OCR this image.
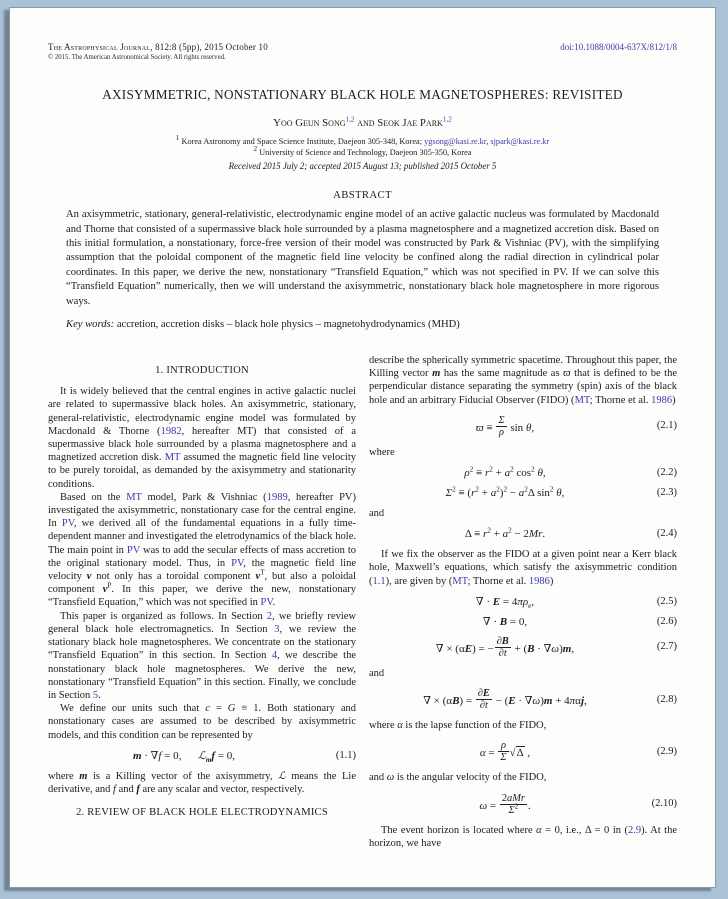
The Astrophysical Journal, 812:8 (5pp), 2015 October 10
© 2015. The American Astronomical Society. All rights reserved.
doi:10.1088/0004-637X/812/1/8
AXISYMMETRIC, NONSTATIONARY BLACK HOLE MAGNETOSPHERES: REVISITED
Yoo Geun Song$^{1,2}$ and Seok Jae Park$^{1,2}$
1 Korea Astronomy and Space Science Institute, Daejeon 305-348, Korea; ygsong@kasi.re.kr, sjpark@kasi.re.kr
2 University of Science and Technology, Daejeon 305-350, Korea
Received 2015 July 2; accepted 2015 August 13; published 2015 October 5
ABSTRACT
An axisymmetric, stationary, general-relativistic, electrodynamic engine model of an active galactic nucleus was formulated by Macdonald and Thorne that consisted of a supermassive black hole surrounded by a plasma magnetosphere and a magnetized accretion disk. Based on this initial formulation, a nonstationary, force-free version of their model was constructed by Park & Vishniac (PV), with the simplifying assumption that the poloidal component of the magnetic field line velocity be confined along the radial direction in cylindrical polar coordinates. In this paper, we derive the new, nonstationary “Transfield Equation,” which was not specified in PV. If we can solve this “Transfield Equation” numerically, then we will understand the axisymmetric, nonstationary black hole magnetosphere in more rigorous ways.
Key words: accretion, accretion disks – black hole physics – magnetohydrodynamics (MHD)
1. INTRODUCTION
It is widely believed that the central engines in active galactic nuclei are related to supermassive black holes. An axisymmetric, stationary, general-relativistic, electrodynamic engine model was formulated by Macdonald & Thorne (1982, hereafter MT) that consisted of a supermassive black hole surrounded by a plasma magnetosphere and a magnetized accretion disk. MT assumed the magnetic field line velocity to be purely toroidal, as demanded by the axisymmetry and stationarity conditions.
Based on the MT model, Park & Vishniac (1989, hereafter PV) investigated the axisymmetric, nonstationary case for the central engine. In PV, we derived all of the fundamental equations in a fully time-dependent manner and investigated the eletrodynamics of the black hole. The main point in PV was to add the secular effects of mass accretion to the original stationary model. Thus, in PV, the magnetic field line velocity v not only has a toroidal component $v^T$, but also a poloidal component $v^P$. In this paper, we derive the new, nonstationary “Transfield Equation,” which was not specified in PV.
This paper is organized as follows. In Section 2, we briefly review general black hole electromagnetics. In Section 3, we review the stationary black hole magnetospheres. We concentrate on the stationary “Transfield Equation” in this section. In Section 4, we describe the nonstationary black hole magnetospheres. We derive the new, nonstationary “Transfield Equation” in this section. Finally, we conclude in Section 5.
We define our units such that c = G ≡ 1. Both stationary and nonstationary cases are assumed to be described by axisymmetric models, and this condition can be represented by
m · ∇f = 0,   ℒ$_m$f = 0,	(1.1)
where m is a Killing vector of the axisymmetry, ℒ means the Lie derivative, and f and f are any scalar and vector, respectively.
2. REVIEW OF BLACK HOLE ELECTRODYNAMICS
describe the spherically symmetric spacetime. Throughout this paper, the Killing vector m has the same magnitude as ϖ that is defined to be the perpendicular distance separating the symmetry (spin) axis of the black hole and an arbitrary Fiducial Observer (FIDO) (MT; Thorne et al. 1986)
$ϖ \equiv \frac{\Sigma}{\rho}$ sin θ,	(2.1)
where
$\rho^2 \equiv r^2 + a^2$ $\cos^2 \theta$,	(2.2)
$\Sigma^2 \equiv (r^2 + a^2)^2 - a^2\Delta$ $\sin^2 \theta$,	(2.3)
and
$\Delta \equiv r^2 + a^2 - 2Mr$.	(2.4)
If we fix the observer as the FIDO at a given point near a Kerr black hole, Maxwell’s equations, which satisfy the axisymmetric condition (1.1), are given by (MT; Thorne et al. 1986)
∇ · $E = 4\pi\rho_e$,	(2.5)
∇ · B = 0,	(2.6)
∇ × (αE) = − $\frac{\partial B}{\partial t} + (B \cdot \nabla\omega)m$,	(2.7)
and
∇ × $(\alpha B) = \frac{\partial E}{\partial t} - (E \cdot \nabla\omega)m + 4\pi\alpha j$,	(2.8)
where α is the lapse function of the FIDO,
$\alpha = \frac{\rho}{\Sigma} √\Delta$ ,	(2.9)
and ω is the angular velocity of the FIDO,
$\omega = \frac{\text{2aMr}}{\Sigma^2}$ .	(2.10)
The event horizon is located where α = 0, i.e., Δ = 0 in (2.9). At the horizon, we have
